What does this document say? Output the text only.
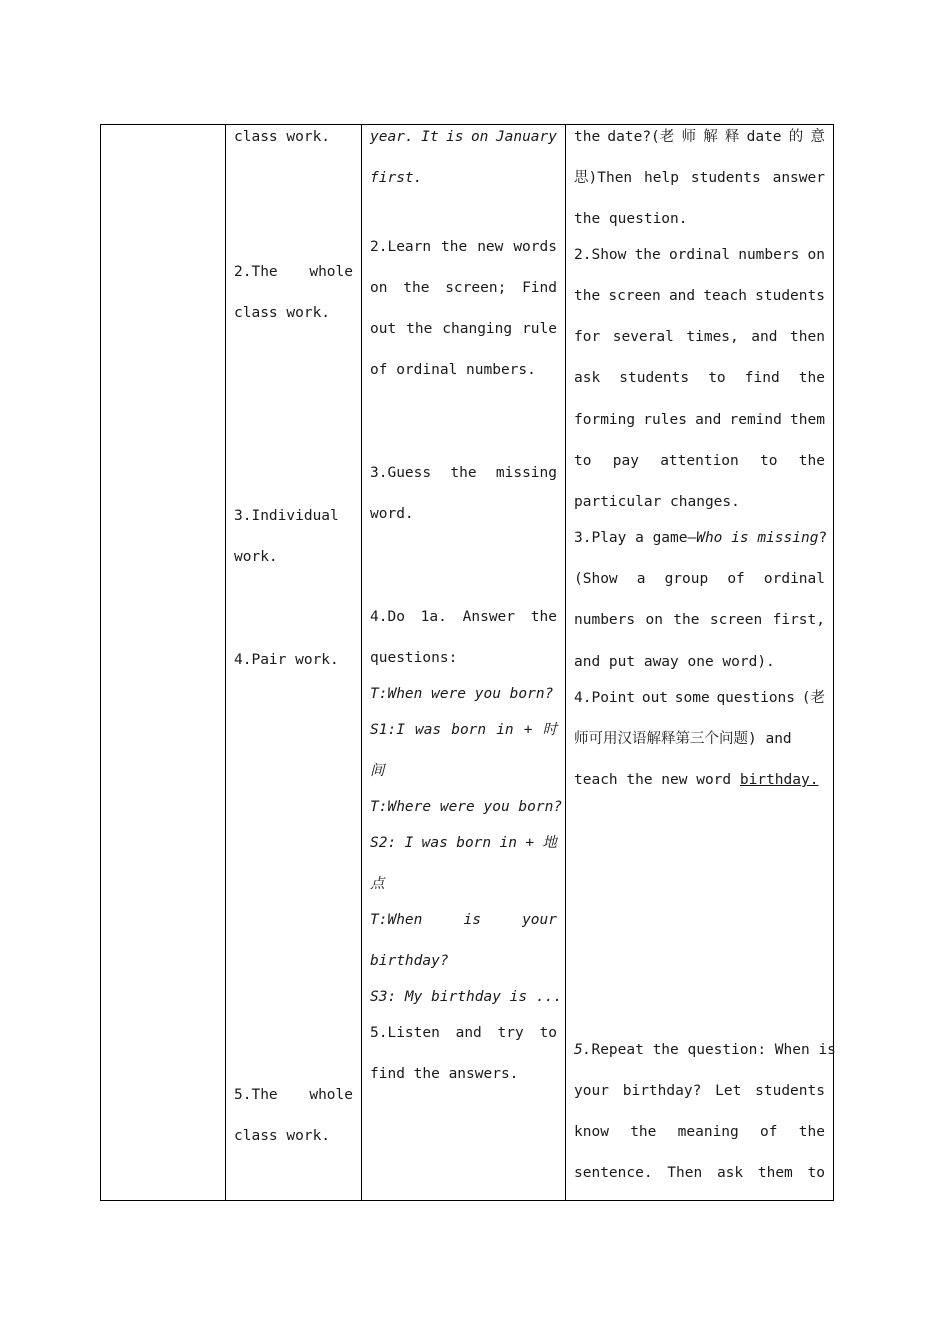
class work.
2.The whole
class work.
3.Individual
work.
4.Pair work.
5.The whole
class work.
year. It is on January
first.
2.Learn the new words
on the screen; Find
out the changing rule
of ordinal numbers.
3.Guess the missing
word.
4.Do 1a. Answer the
questions:
T:When were you born?
S1:I was born in + 时
间
T:Where were you born?
S2: I was born in + 地
点
T:When	is	your
birthday?
S3: My birthday is ...
5.Listen and try to
find the answers.
the date?(老 师 解 释 date 的 意
思)Then help students answer
the question.
2.Show the ordinal numbers on
the screen and teach students
for several times, and then
ask students to find the
forming rules and remind them
to pay attention to the
particular changes.
3.Play a game—Who is missing?
(Show a group of ordinal
numbers on the screen first,
and put away one word).
4.Point out some questions (老
师可用汉语解释第三个问题) and
teach the new word birthday.
5.Repeat the question: When is
your birthday? Let students
know the meaning of the
sentence. Then ask them to
